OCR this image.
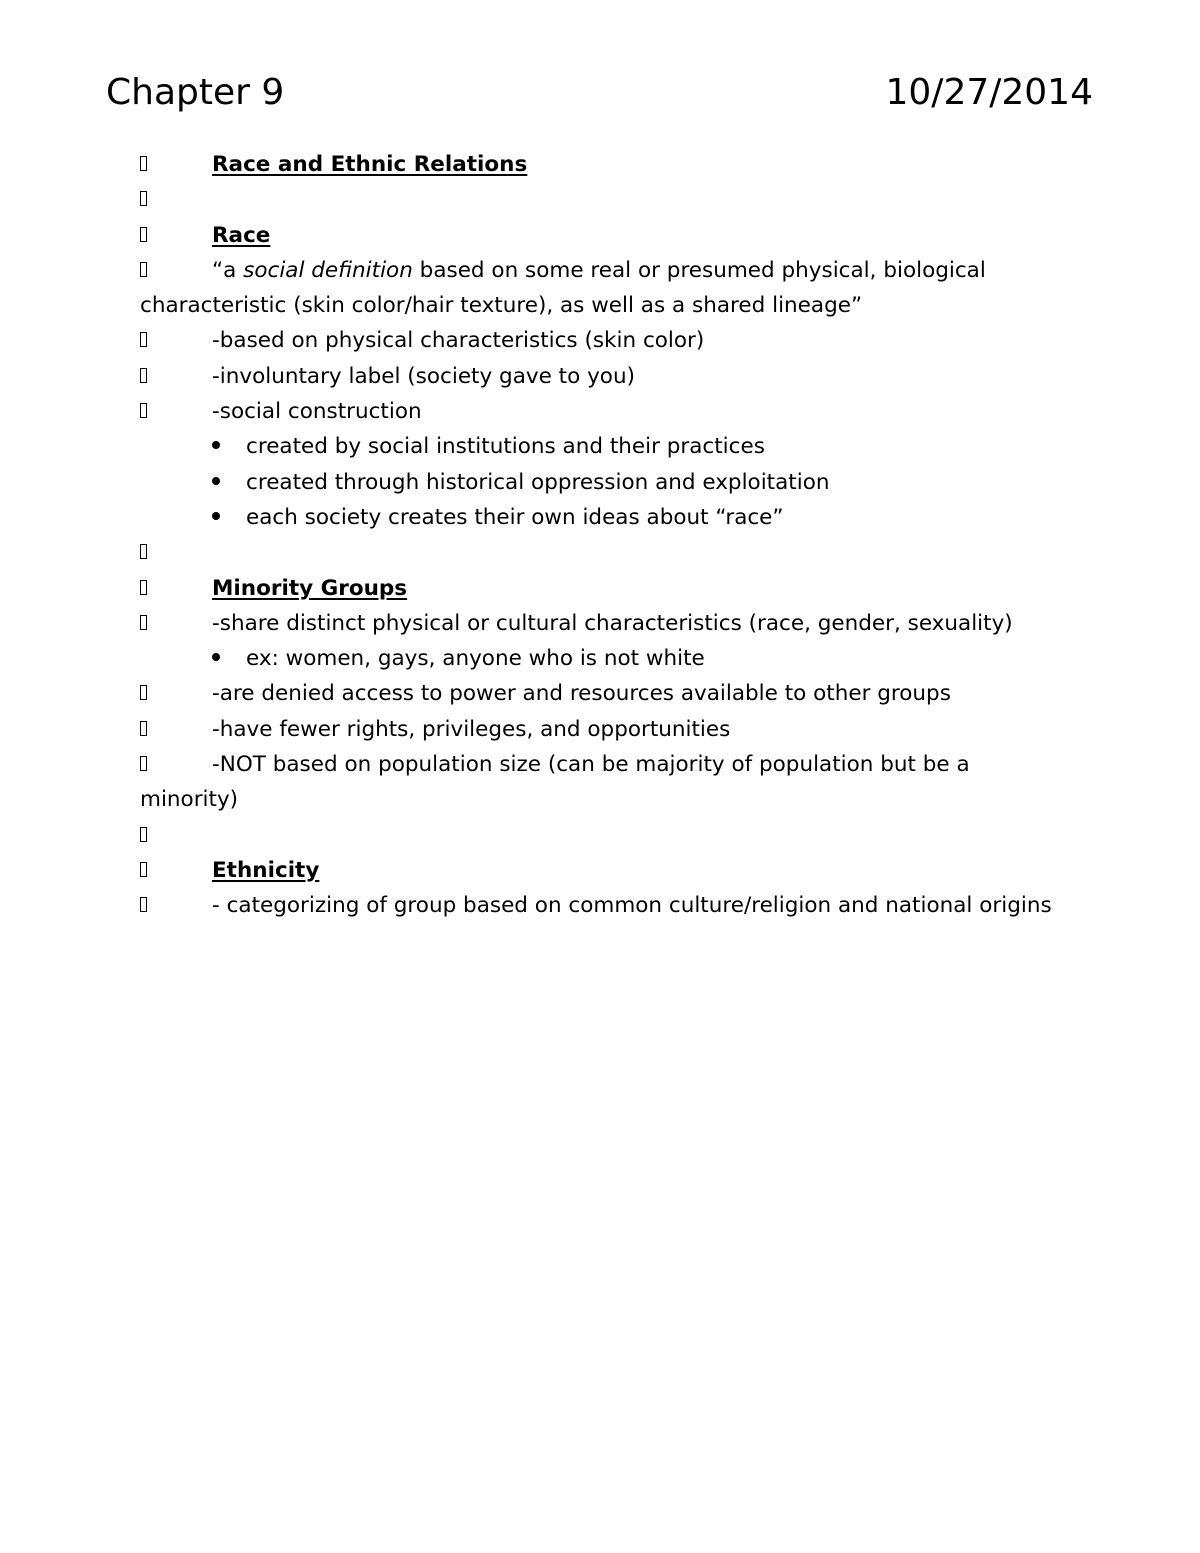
Chapter 9	10/27/2014
Race and Ethnic Relations
Race
“a social definition based on some real or presumed physical, biological characteristic (skin color/hair texture), as well as a shared lineage”
-based on physical characteristics (skin color)
-involuntary label (society gave to you)
-social construction
created by social institutions and their practices
created through historical oppression and exploitation
each society creates their own ideas about “race”
Minority Groups
-share distinct physical or cultural characteristics (race, gender, sexuality)
ex: women, gays, anyone who is not white
-are denied access to power and resources available to other groups
-have fewer rights, privileges, and opportunities
-NOT based on population size (can be majority of population but be a minority)
Ethnicity
- categorizing of group based on common culture/religion and national origins
